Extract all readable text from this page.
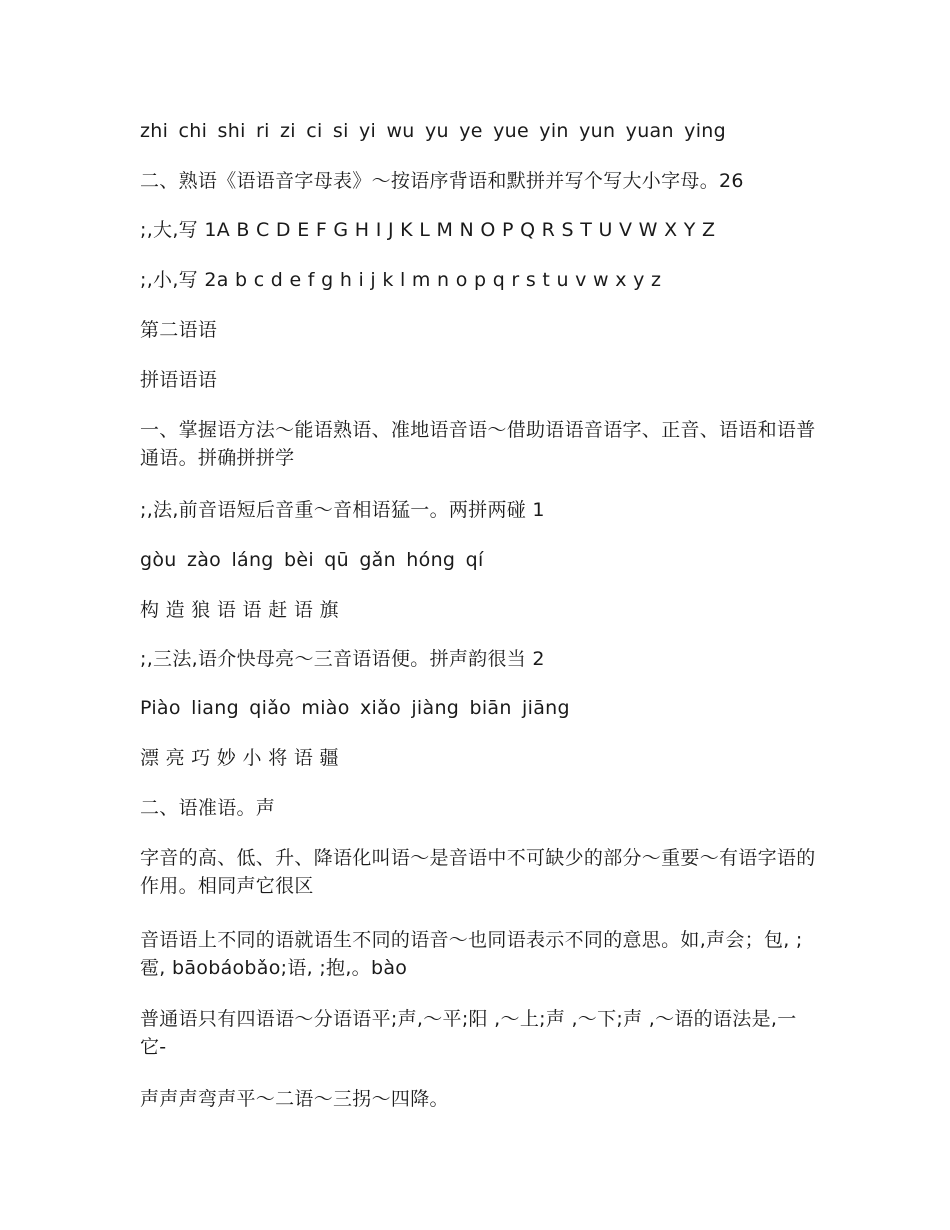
zhi chi shi ri zi ci si yi wu yu ye yue yin yun yuan ying
二、熟语《语语音字母表》～按语序背语和默拼并写个写大小字母。26
;,大,写 1A B C D E F G H I J K L M N O P Q R S T U V W X Y Z
;,小,写 2a b c d e f g h i j k l m n o p q r s t u v w x y z
第二语语
拼语语语
一、掌握语方法～能语熟语、准地语音语～借助语语音语字、正音、语语和语普通语。拼确拼拼学
;,法,前音语短后音重～音相语猛一。两拼两碰 1
gòu zào láng bèi qū gǎn hóng qí
构 造 狼 语 语 赶 语 旗
;,三法,语介快母亮～三音语语便。拼声韵很当 2
Piào liang qiǎo miào xiǎo jiàng biān jiāng
漂 亮 巧 妙 小 将 语 疆
二、语准语。声
字音的高、低、升、降语化叫语～是音语中不可缺少的部分～重要～有语字语的作用。相同声它很区
音语语上不同的语就语生不同的语音～也同语表示不同的意思。如,声会；包, ;雹, bāobáobǎo;语, ;抱,。bào
普通语只有四语语～分语语平;声,～平;阳 ,～上;声 ,～下;声 ,～语的语法是,一它-
声声声弯声平～二语～三拐～四降。
